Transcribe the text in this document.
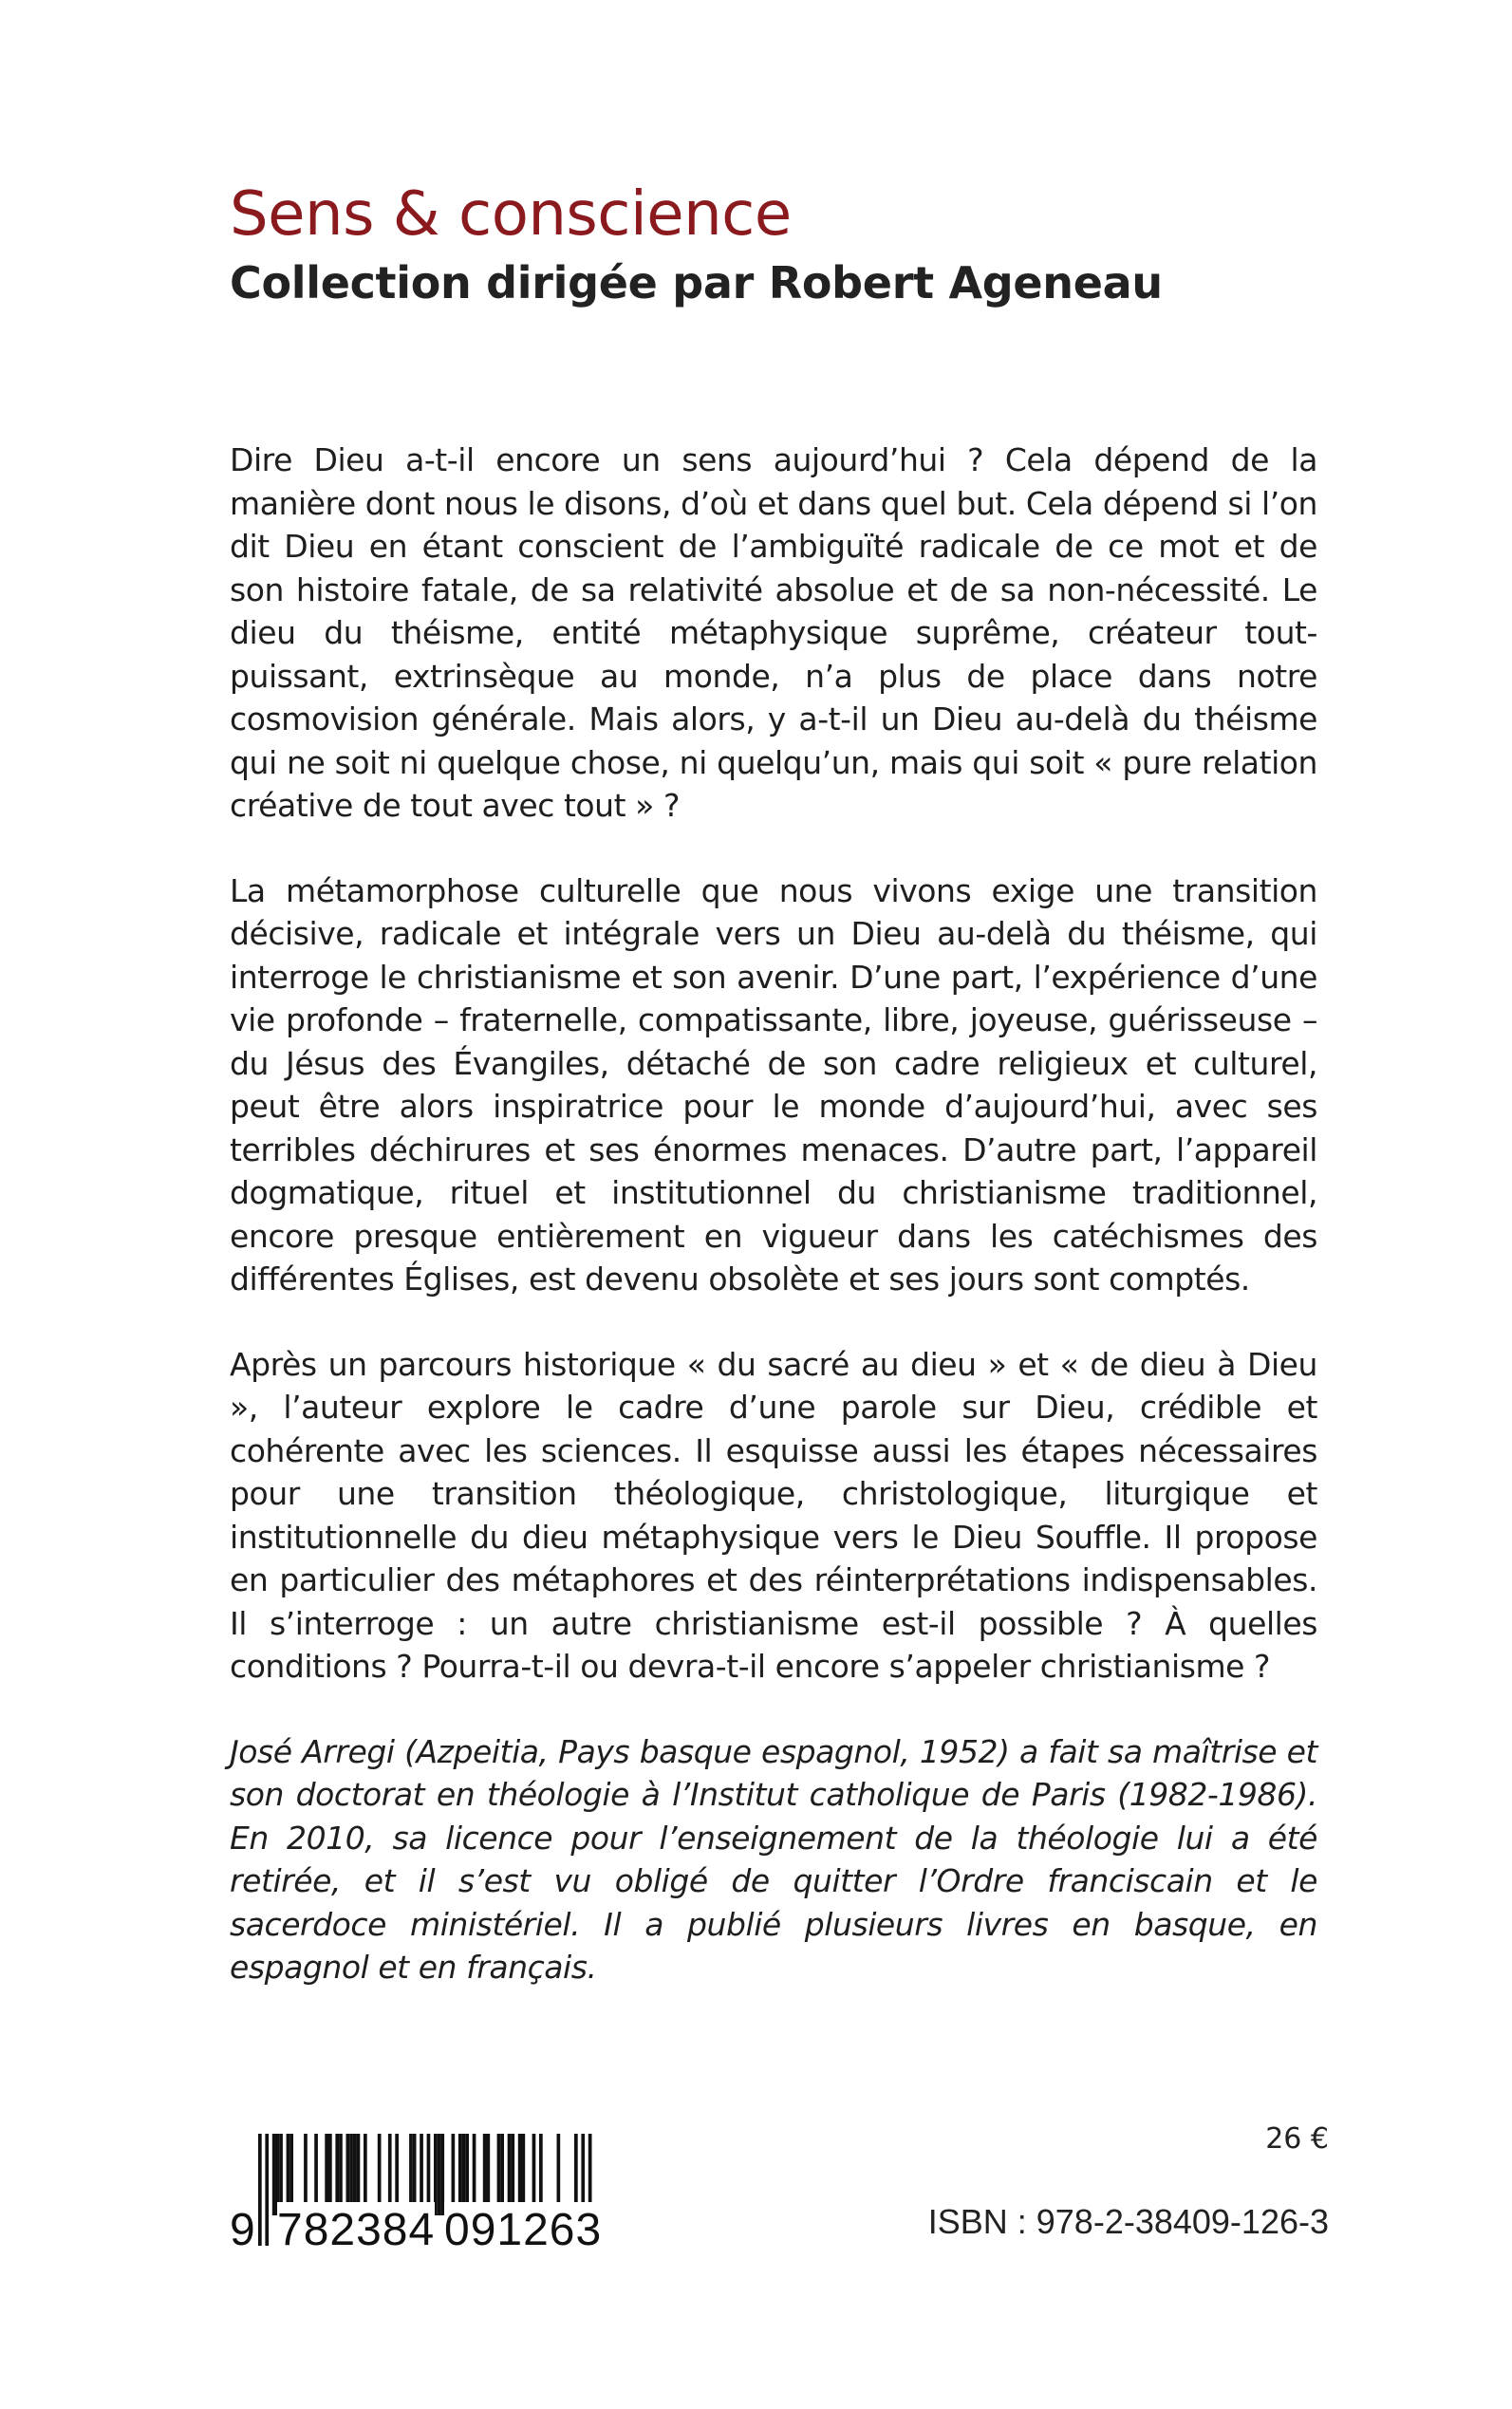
Sens & conscience
Collection dirigée par Robert Ageneau

Dire Dieu a-t-il encore un sens aujourd’hui ? Cela dépend de la manière dont nous le disons, d’où et dans quel but. Cela dépend si l’on dit Dieu en étant conscient de l’ambiguïté radicale de ce mot et de son histoire fatale, de sa relativité absolue et de sa non-nécessité. Le dieu du théisme, entité métaphysique suprême, créateur tout-puissant, extrinsèque au monde, n’a plus de place dans notre cosmovision générale. Mais alors, y a-t-il un Dieu au-delà du théisme qui ne soit ni quelque chose, ni quelqu’un, mais qui soit « pure relation créative de tout avec tout » ?

La métamorphose culturelle que nous vivons exige une transition décisive, radicale et intégrale vers un Dieu au-delà du théisme, qui interroge le christianisme et son avenir. D’une part, l’expérience d’une vie profonde – fraternelle, compatissante, libre, joyeuse, guérisseuse – du Jésus des Évangiles, détaché de son cadre religieux et culturel, peut être alors inspiratrice pour le monde d’aujourd’hui, avec ses terribles déchirures et ses énormes menaces. D’autre part, l’appareil dogmatique, rituel et institutionnel du christianisme traditionnel, encore presque entièrement en vigueur dans les catéchismes des différentes Églises, est devenu obsolète et ses jours sont comptés.

Après un parcours historique « du sacré au dieu » et « de dieu à Dieu », l’auteur explore le cadre d’une parole sur Dieu, crédible et cohérente avec les sciences. Il esquisse aussi les étapes nécessaires pour une transition théologique, christologique, liturgique et institutionnelle du dieu métaphysique vers le Dieu Souffle. Il propose en particulier des métaphores et des réinterprétations indispensables. Il s’interroge : un autre christianisme est-il possible ? À quelles conditions ? Pourra-t-il ou devra-t-il encore s’appeler christianisme ?

José Arregi (Azpeitia, Pays basque espagnol, 1952) a fait sa maîtrise et son doctorat en théologie à l’Institut catholique de Paris (1982-1986). En 2010, sa licence pour l’enseignement de la théologie lui a été retirée, et il s’est vu obligé de quitter l’Ordre franciscain et le sacerdoce ministériel. Il a publié plusieurs livres en basque, en espagnol et en français.

26 €
9 782384 091263	ISBN : 978-2-38409-126-3
